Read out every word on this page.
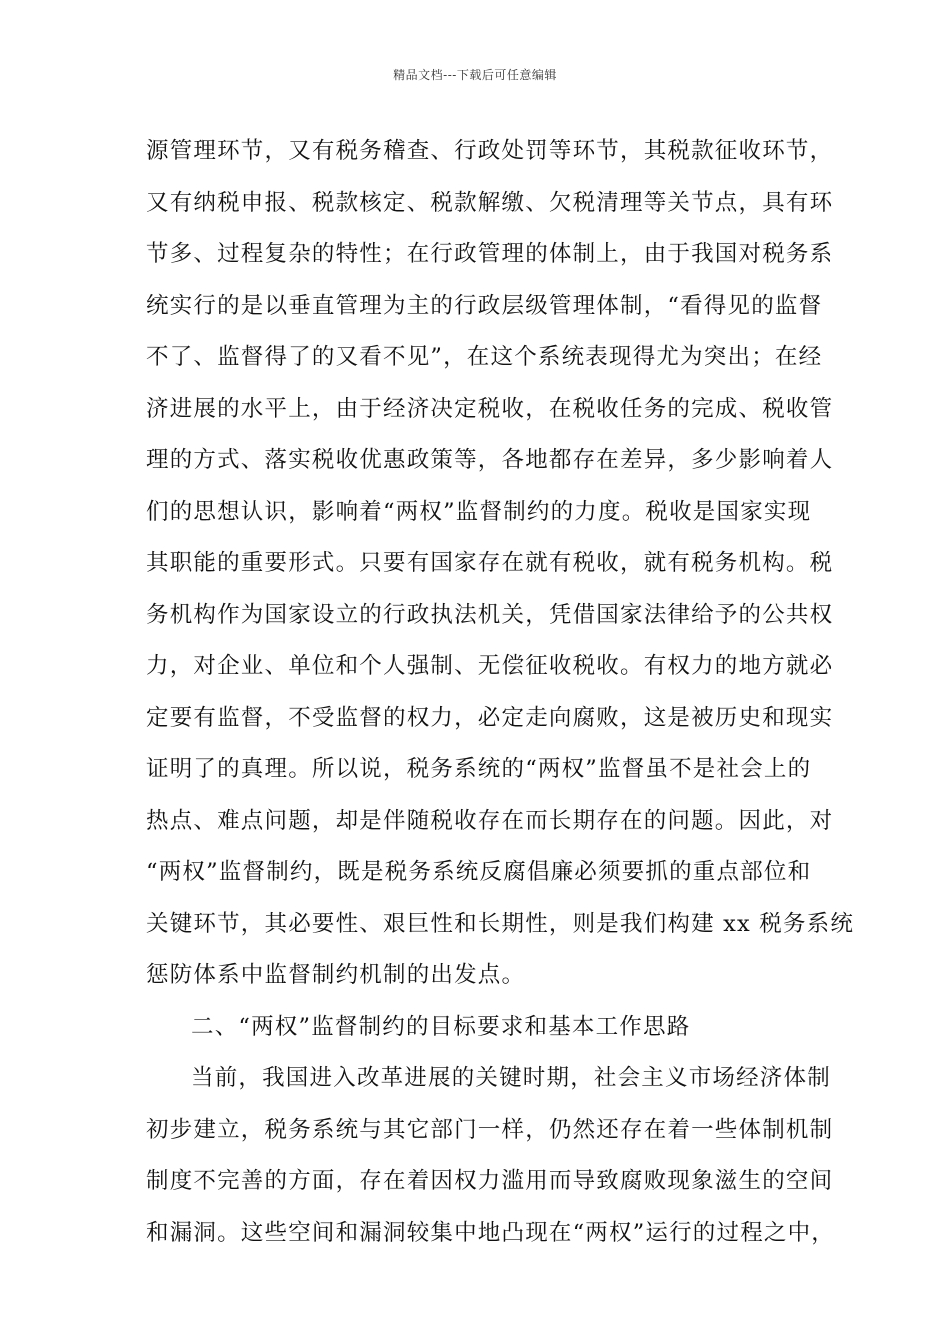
精品文档---下载后可任意编辑
源管理环节，又有税务稽查、行政处罚等环节，其税款征收环节，
又有纳税申报、税款核定、税款解缴、欠税清理等关节点，具有环
节多、过程复杂的特性；在行政管理的体制上，由于我国对税务系
统实行的是以垂直管理为主的行政层级管理体制，“看得见的监督
不了、监督得了的又看不见”，在这个系统表现得尤为突出；在经
济进展的水平上，由于经济决定税收，在税收任务的完成、税收管
理的方式、落实税收优惠政策等，各地都存在差异，多少影响着人
们的思想认识，影响着“两权”监督制约的力度。税收是国家实现
其职能的重要形式。只要有国家存在就有税收，就有税务机构。税
务机构作为国家设立的行政执法机关，凭借国家法律给予的公共权
力，对企业、单位和个人强制、无偿征收税收。有权力的地方就必
定要有监督，不受监督的权力，必定走向腐败，这是被历史和现实
证明了的真理。所以说，税务系统的“两权”监督虽不是社会上的
热点、难点问题，却是伴随税收存在而长期存在的问题。因此，对
“两权”监督制约，既是税务系统反腐倡廉必须要抓的重点部位和
关键环节，其必要性、艰巨性和长期性，则是我们构建 xx 税务系统
惩防体系中监督制约机制的出发点。
二、“两权”监督制约的目标要求和基本工作思路
当前，我国进入改革进展的关键时期，社会主义市场经济体制
初步建立，税务系统与其它部门一样，仍然还存在着一些体制机制
制度不完善的方面，存在着因权力滥用而导致腐败现象滋生的空间
和漏洞。这些空间和漏洞较集中地凸现在“两权”运行的过程之中，
